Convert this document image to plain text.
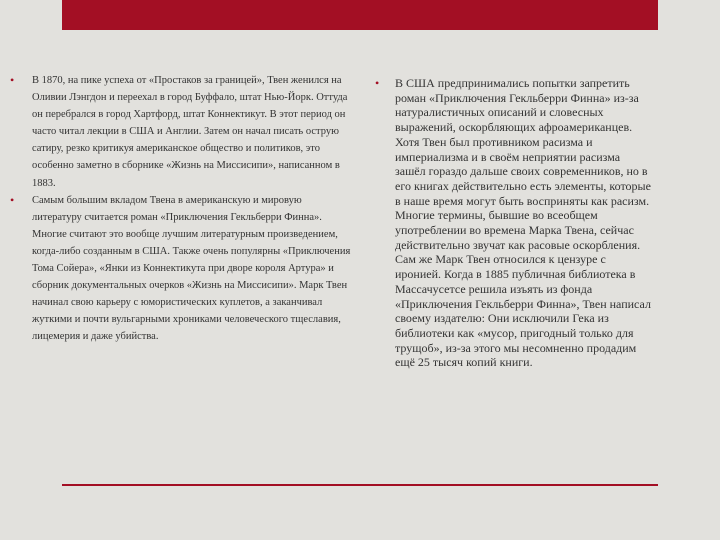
• В 1870, на пике успеха от «Простаков за границей», Твен женился на Оливии Лэнгдон и переехал в город Буффало, штат Нью-Йорк. Оттуда он перебрался в город Хартфорд, штат Коннектикут. В этот период он часто читал лекции в США и Англии. Затем он начал писать острую сатиру, резко критикуя американское общество и политиков, это особенно заметно в сборнике «Жизнь на Миссисипи», написанном в 1883.
• Самым большим вкладом Твена в американскую и мировую литературу считается роман «Приключения Гекльберри Финна». Многие считают это вообще лучшим литературным произведением, когда-либо созданным в США. Также очень популярны «Приключения Тома Сойера», «Янки из Коннектикута при дворе короля Артура» и сборник документальных очерков «Жизнь на Миссисипи». Марк Твен начинал свою карьеру с юмористических куплетов, а заканчивал жуткими и почти вульгарными хрониками человеческого тщеславия, лицемерия и даже убийства.
• В США предпринимались попытки запретить роман «Приключения Гекльберри Финна» из-за натуралистичных описаний и словесных выражений, оскорбляющих афроамериканцев. Хотя Твен был противником расизма и империализма и в своём неприятии расизма зашёл гораздо дальше своих современников, но в его книгах действительно есть элементы, которые в наше время могут быть восприняты как расизм. Многие термины, бывшие во всеобщем употреблении во времена Марка Твена, сейчас действительно звучат как расовые оскорбления. Сам же Марк Твен относился к цензуре с иронией. Когда в 1885 публичная библиотека в Массачусетсе решила изъять из фонда «Приключения Гекльберри Финна», Твен написал своему издателю: Они исключили Гека из библиотеки как «мусор, пригодный только для трущоб», из-за этого мы несомненно продадим ещё 25 тысяч копий книги.
